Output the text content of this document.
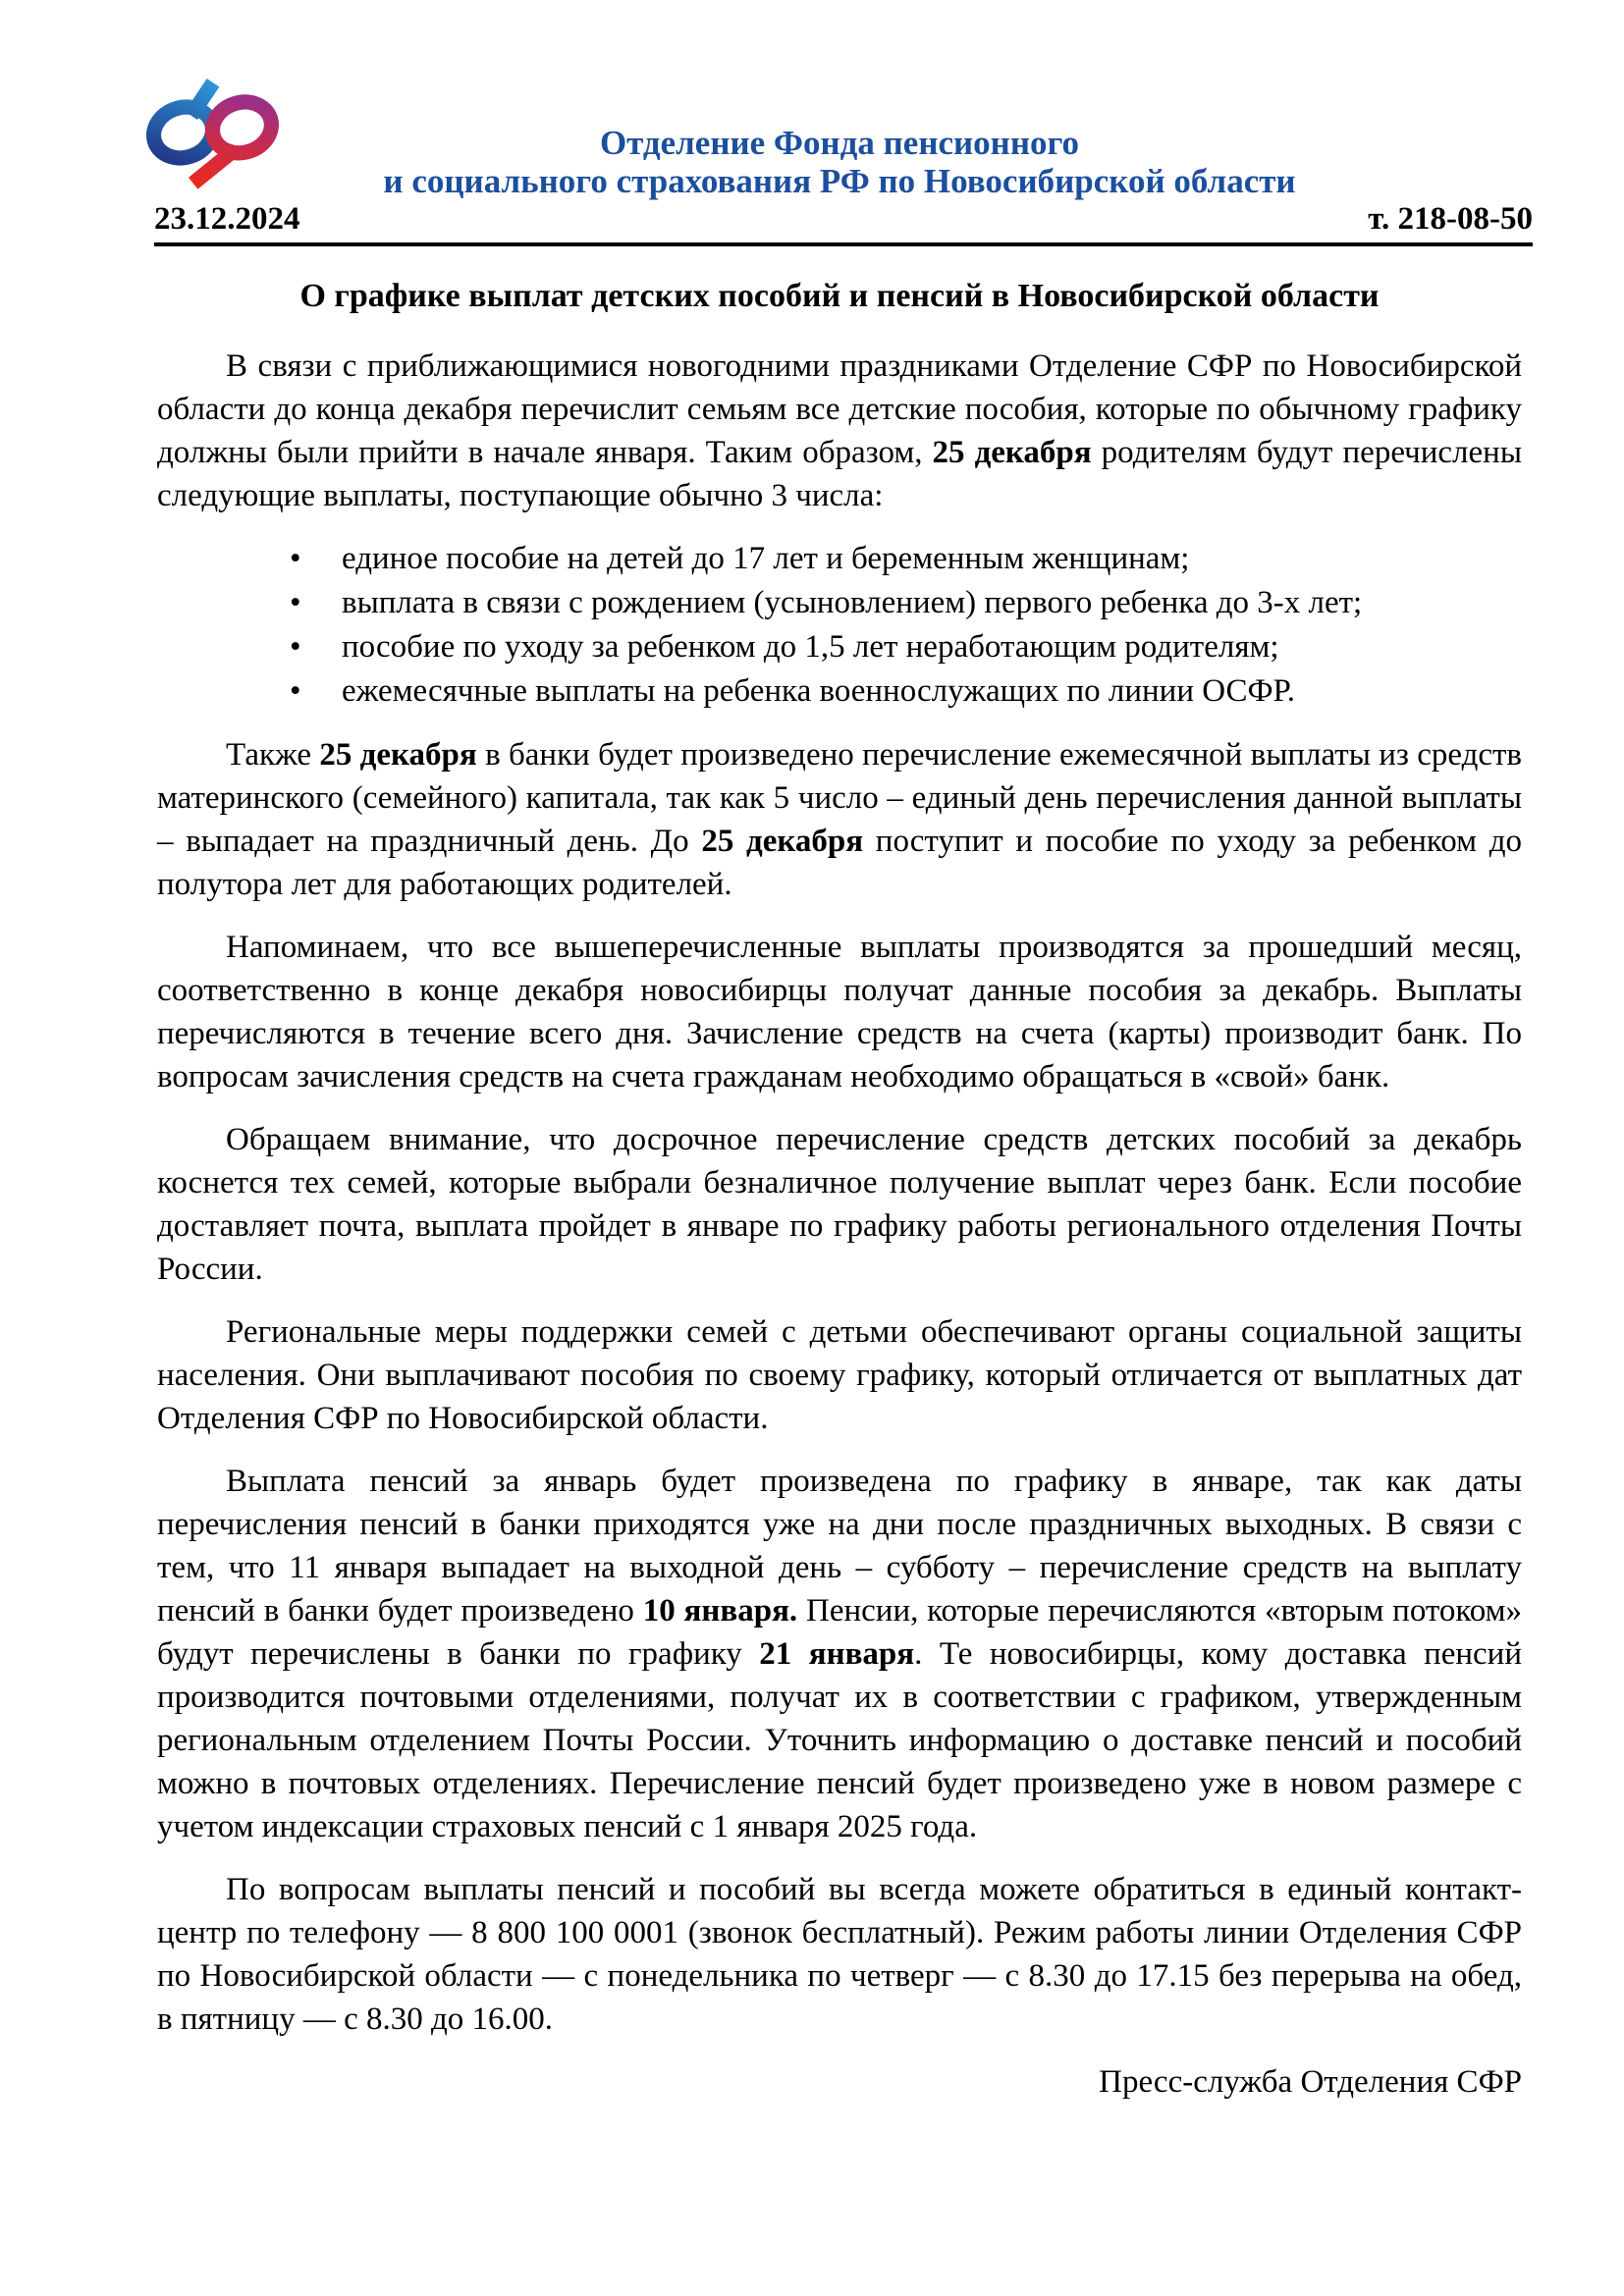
Отделение Фонда пенсионного
и социального страхования РФ по Новосибирской области
23.12.2024	т. 218-08-50
О графике выплат детских пособий и пенсий в Новосибирской области

В связи с приближающимися новогодними праздниками Отделение СФР по Новосибирской области до конца декабря перечислит семьям все детские пособия, которые по обычному графику должны были прийти в начале января. Таким образом, 25 декабря родителям будут перечислены следующие выплаты, поступающие обычно 3 числа:

• единое пособие на детей до 17 лет и беременным женщинам;
• выплата в связи с рождением (усыновлением) первого ребенка до 3-х лет;
• пособие по уходу за ребенком до 1,5 лет неработающим родителям;
• ежемесячные выплаты на ребенка военнослужащих по линии ОСФР.

Также 25 декабря в банки будет произведено перечисление ежемесячной выплаты из средств материнского (семейного) капитала, так как 5 число – единый день перечисления данной выплаты – выпадает на праздничный день. До 25 декабря поступит и пособие по уходу за ребенком до полутора лет для работающих родителей.

Напоминаем, что все вышеперечисленные выплаты производятся за прошедший месяц, соответственно в конце декабря новосибирцы получат данные пособия за декабрь. Выплаты перечисляются в течение всего дня. Зачисление средств на счета (карты) производит банк. По вопросам зачисления средств на счета гражданам необходимо обращаться в «свой» банк.

Обращаем внимание, что досрочное перечисление средств детских пособий за декабрь коснется тех семей, которые выбрали безналичное получение выплат через банк. Если пособие доставляет почта, выплата пройдет в январе по графику работы регионального отделения Почты России.

Региональные меры поддержки семей с детьми обеспечивают органы социальной защиты населения. Они выплачивают пособия по своему графику, который отличается от выплатных дат Отделения СФР по Новосибирской области.

Выплата пенсий за январь будет произведена по графику в январе, так как даты перечисления пенсий в банки приходятся уже на дни после праздничных выходных. В связи с тем, что 11 января выпадает на выходной день – субботу – перечисление средств на выплату пенсий в банки будет произведено 10 января. Пенсии, которые перечисляются «вторым потоком» будут перечислены в банки по графику 21 января. Те новосибирцы, кому доставка пенсий производится почтовыми отделениями, получат их в соответствии с графиком, утвержденным региональным отделением Почты России. Уточнить информацию о доставке пенсий и пособий можно в почтовых отделениях. Перечисление пенсий будет произведено уже в новом размере с учетом индексации страховых пенсий с 1 января 2025 года.

По вопросам выплаты пенсий и пособий вы всегда можете обратиться в единый контакт-центр по телефону — 8 800 100 0001 (звонок бесплатный). Режим работы линии Отделения СФР по Новосибирской области — с понедельника по четверг — с 8.30 до 17.15 без перерыва на обед, в пятницу — с 8.30 до 16.00.

Пресс-служба Отделения СФР
